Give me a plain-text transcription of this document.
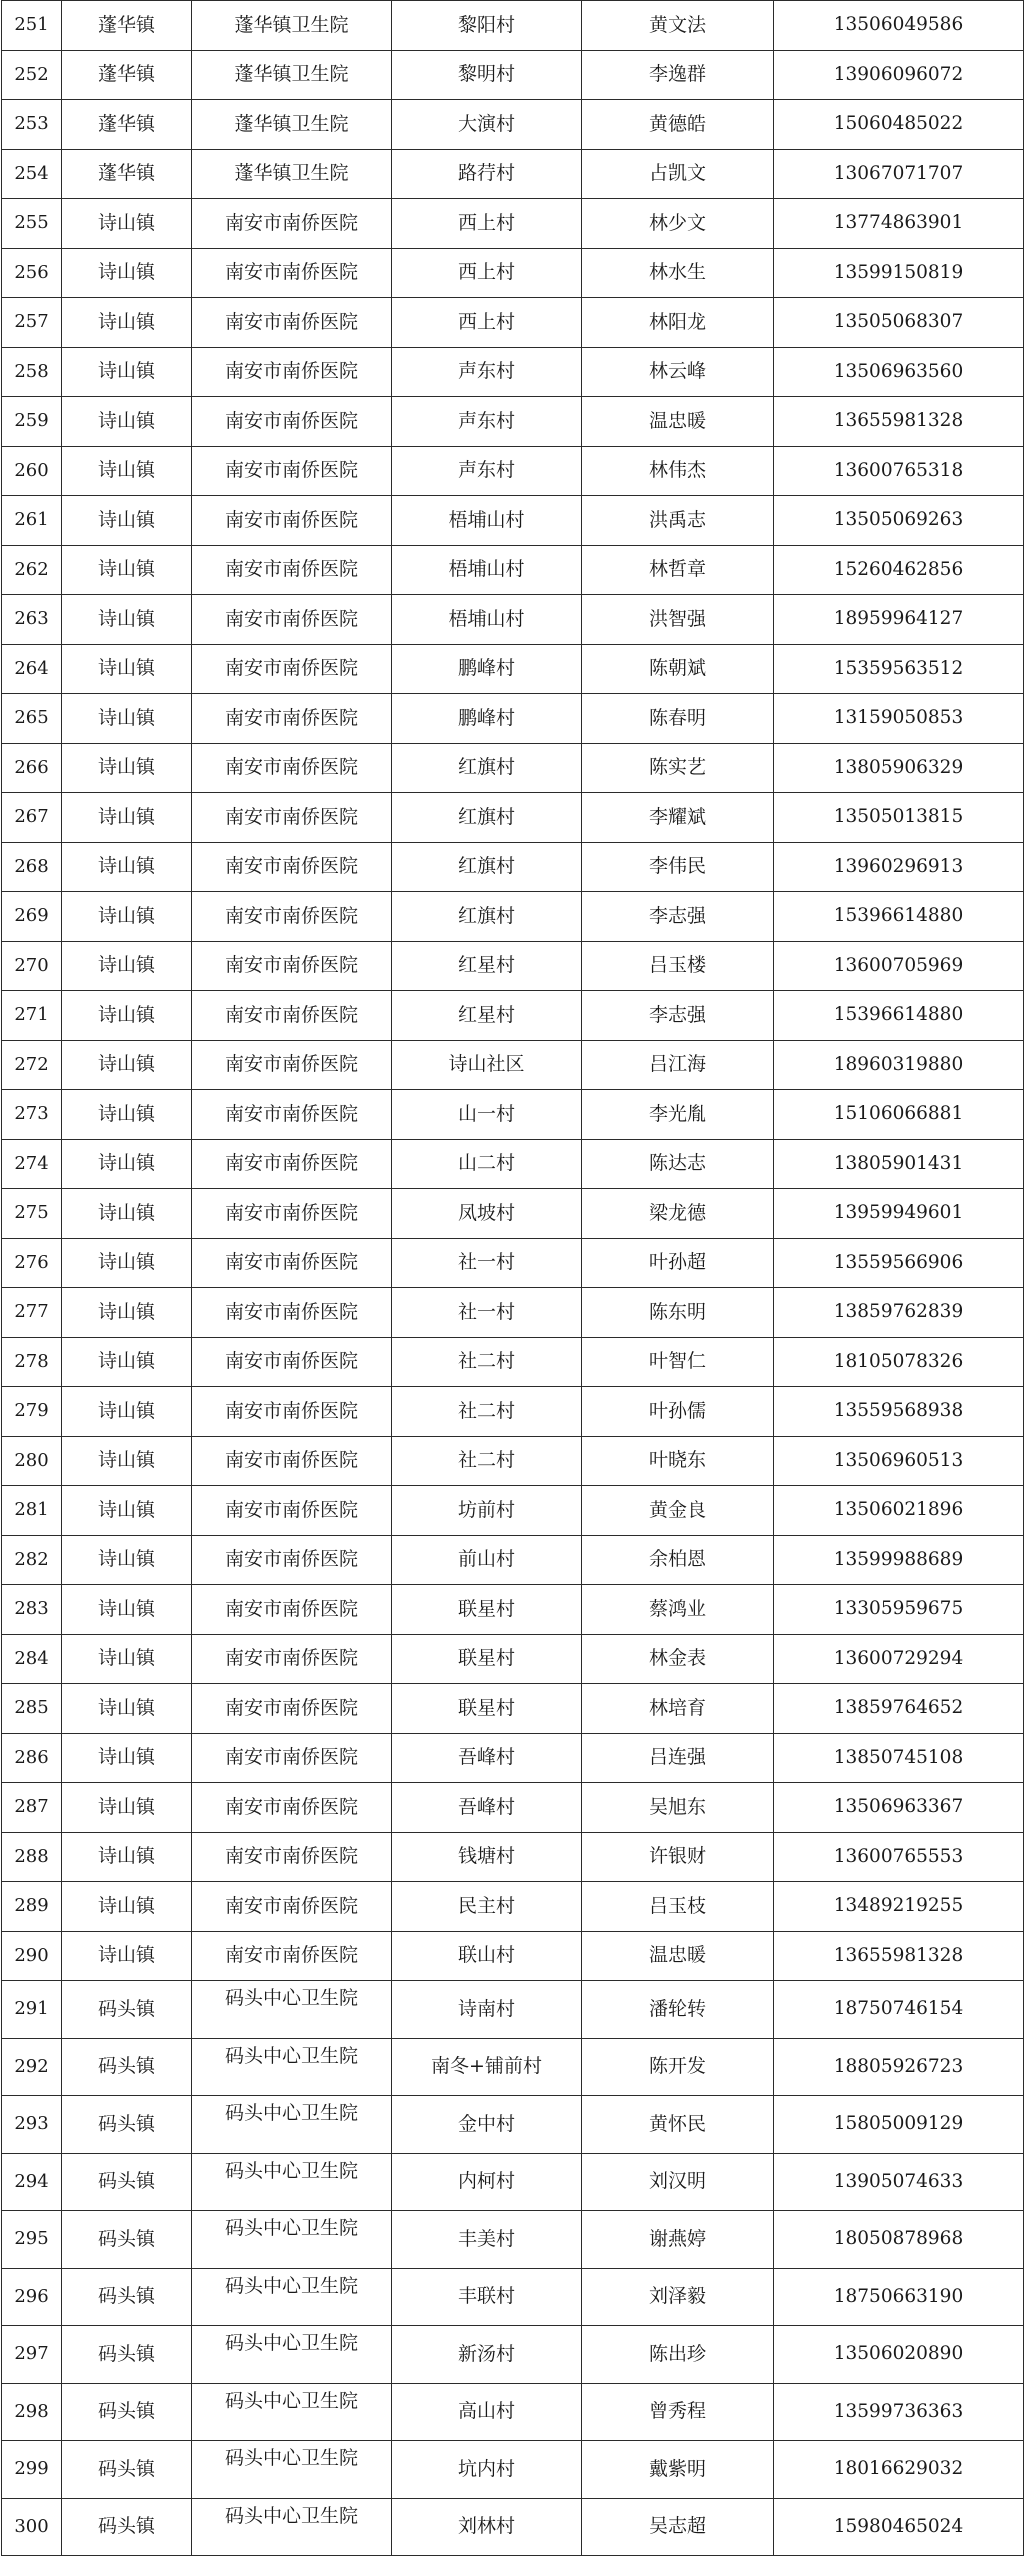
251	蓬华镇	蓬华镇卫生院	黎阳村	黄文法	13506049586
252	蓬华镇	蓬华镇卫生院	黎明村	李逸群	13906096072
253	蓬华镇	蓬华镇卫生院	大演村	黄德皓	15060485022
254	蓬华镇	蓬华镇卫生院	路荇村	占凯文	13067071707
255	诗山镇	南安市南侨医院	西上村	林少文	13774863901
256	诗山镇	南安市南侨医院	西上村	林水生	13599150819
257	诗山镇	南安市南侨医院	西上村	林阳龙	13505068307
258	诗山镇	南安市南侨医院	声东村	林云峰	13506963560
259	诗山镇	南安市南侨医院	声东村	温忠暖	13655981328
260	诗山镇	南安市南侨医院	声东村	林伟杰	13600765318
261	诗山镇	南安市南侨医院	梧埔山村	洪禹志	13505069263
262	诗山镇	南安市南侨医院	梧埔山村	林哲章	15260462856
263	诗山镇	南安市南侨医院	梧埔山村	洪智强	18959964127
264	诗山镇	南安市南侨医院	鹏峰村	陈朝斌	15359563512
265	诗山镇	南安市南侨医院	鹏峰村	陈春明	13159050853
266	诗山镇	南安市南侨医院	红旗村	陈实艺	13805906329
267	诗山镇	南安市南侨医院	红旗村	李耀斌	13505013815
268	诗山镇	南安市南侨医院	红旗村	李伟民	13960296913
269	诗山镇	南安市南侨医院	红旗村	李志强	15396614880
270	诗山镇	南安市南侨医院	红星村	吕玉楼	13600705969
271	诗山镇	南安市南侨医院	红星村	李志强	15396614880
272	诗山镇	南安市南侨医院	诗山社区	吕江海	18960319880
273	诗山镇	南安市南侨医院	山一村	李光胤	15106066881
274	诗山镇	南安市南侨医院	山二村	陈达志	13805901431
275	诗山镇	南安市南侨医院	凤坡村	梁龙德	13959949601
276	诗山镇	南安市南侨医院	社一村	叶孙超	13559566906
277	诗山镇	南安市南侨医院	社一村	陈东明	13859762839
278	诗山镇	南安市南侨医院	社二村	叶智仁	18105078326
279	诗山镇	南安市南侨医院	社二村	叶孙儒	13559568938
280	诗山镇	南安市南侨医院	社二村	叶晓东	13506960513
281	诗山镇	南安市南侨医院	坊前村	黄金良	13506021896
282	诗山镇	南安市南侨医院	前山村	余柏恩	13599988689
283	诗山镇	南安市南侨医院	联星村	蔡鸿业	13305959675
284	诗山镇	南安市南侨医院	联星村	林金表	13600729294
285	诗山镇	南安市南侨医院	联星村	林培育	13859764652
286	诗山镇	南安市南侨医院	吾峰村	吕连强	13850745108
287	诗山镇	南安市南侨医院	吾峰村	吴旭东	13506963367
288	诗山镇	南安市南侨医院	钱塘村	许银财	13600765553
289	诗山镇	南安市南侨医院	民主村	吕玉枝	13489219255
290	诗山镇	南安市南侨医院	联山村	温忠暖	13655981328
291	码头镇	码头中心卫生院	诗南村	潘轮转	18750746154
292	码头镇	码头中心卫生院	南冬+铺前村	陈开发	18805926723
293	码头镇	码头中心卫生院	金中村	黄怀民	15805009129
294	码头镇	码头中心卫生院	内柯村	刘汉明	13905074633
295	码头镇	码头中心卫生院	丰美村	谢燕婷	18050878968
296	码头镇	码头中心卫生院	丰联村	刘泽毅	18750663190
297	码头镇	码头中心卫生院	新汤村	陈出珍	13506020890
298	码头镇	码头中心卫生院	高山村	曾秀程	13599736363
299	码头镇	码头中心卫生院	坑内村	戴紫明	18016629032
300	码头镇	码头中心卫生院	刘林村	吴志超	15980465024
